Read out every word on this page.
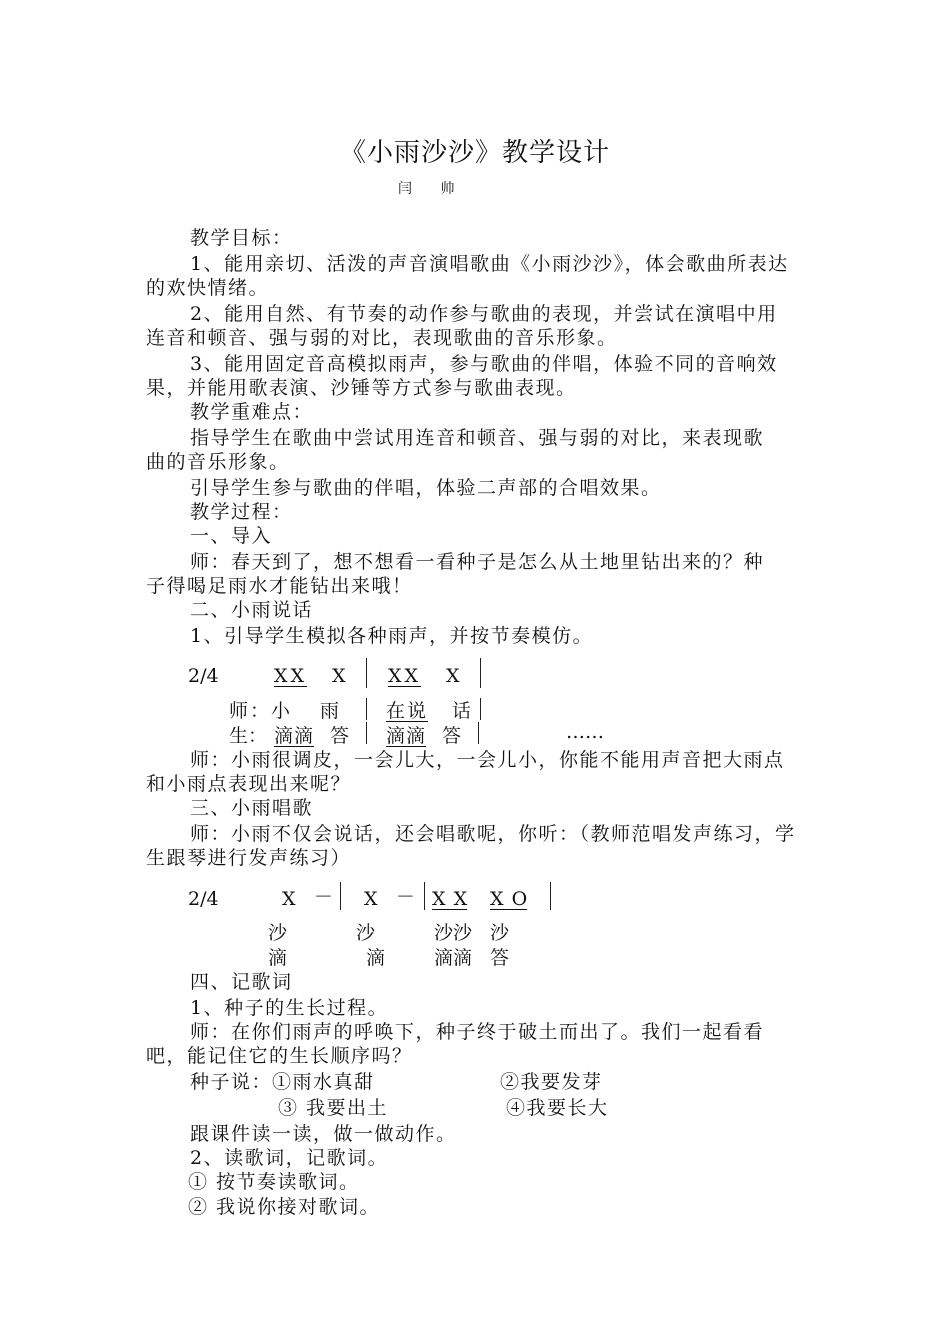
《小雨沙沙》教学设计
闫 帅
教学目标：
1、能用亲切、活泼的声音演唱歌曲《小雨沙沙》，体会歌曲所表达
的欢快情绪。
2、能用自然、有节奏的动作参与歌曲的表现，并尝试在演唱中用
连音和顿音、强与弱的对比，表现歌曲的音乐形象。
3、能用固定音高模拟雨声，参与歌曲的伴唱，体验不同的音响效
果，并能用歌表演、沙锤等方式参与歌曲表现。
教学重难点：
指导学生在歌曲中尝试用连音和顿音、强与弱的对比，来表现歌
曲的音乐形象。
引导学生参与歌曲的伴唱，体验二声部的合唱效果。
教学过程：
一、导入
师：春天到了，想不想看一看种子是怎么从土地里钻出来的？种
子得喝足雨水才能钻出来哦！
二、小雨说话
1、引导学生模拟各种雨声，并按节奏模仿。
2/4	XX X XX X
师：小 雨 在说 话
生： 滴滴 答 滴滴 答	……
师：小雨很调皮，一会儿大，一会儿小，你能不能用声音把大雨点
和小雨点表现出来呢？
三、小雨唱歌
师：小雨不仅会说话，还会唱歌呢，你听：（教师范唱发声练习，学
生跟琴进行发声练习）
2/4	X － X － X X X O
沙	沙	沙沙 沙
滴	滴	滴滴 答
四、记歌词
1、种子的生长过程。
师：在你们雨声的呼唤下，种子终于破土而出了。我们一起看看
吧，能记住它的生长顺序吗？
种子说：①雨水真甜	②我要发芽
③ 我要出土	④我要长大
跟课件读一读，做一做动作。
2、读歌词，记歌词。
① 按节奏读歌词。
② 我说你接对歌词。
